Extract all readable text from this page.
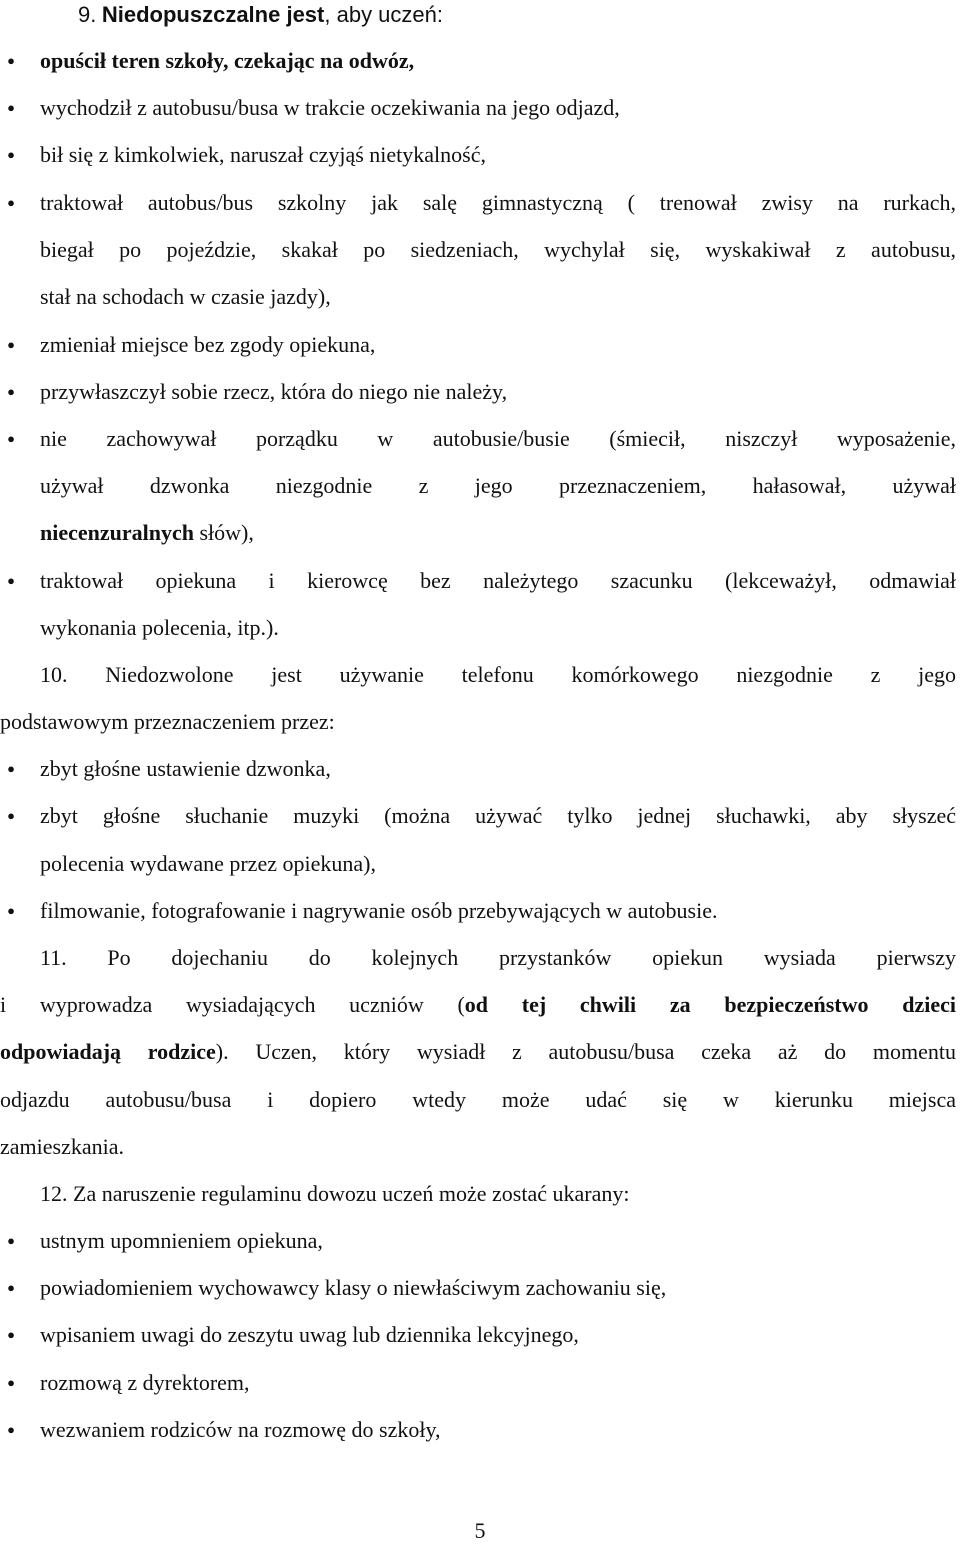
9. Niedopuszczalne jest, aby uczeń:
● opuścił teren szkoły, czekając na odwóz,
● wychodził z autobusu/busa w trakcie oczekiwania na jego odjazd,
● bił się z kimkolwiek, naruszał czyjąś nietykalność,
● traktował autobus/bus szkolny jak salę gimnastyczną ( trenował zwisy na rurkach,
biegał po pojeździe, skakał po siedzeniach, wychylał się, wyskakiwał z autobusu,
stał na schodach w czasie jazdy),
● zmieniał miejsce bez zgody opiekuna,
● przywłaszczył sobie rzecz, która do niego nie należy,
● nie zachowywał porządku w autobusie/busie (śmiecił, niszczył wyposażenie,
używał dzwonka niezgodnie z jego przeznaczeniem, hałasował, używał
niecenzuralnych słów),
● traktował opiekuna i kierowcę bez należytego szacunku (lekceważył, odmawiał
wykonania polecenia, itp.).
10. Niedozwolone jest używanie telefonu komórkowego niezgodnie z jego
podstawowym przeznaczeniem przez:
● zbyt głośne ustawienie dzwonka,
● zbyt głośne słuchanie muzyki (można używać tylko jednej słuchawki, aby słyszeć
polecenia wydawane przez opiekuna),
● filmowanie, fotografowanie i nagrywanie osób przebywających w autobusie.
11. Po dojechaniu do kolejnych przystanków opiekun wysiada pierwszy
i wyprowadza wysiadających uczniów (od tej chwili za bezpieczeństwo dzieci
odpowiadają rodzice). Uczen, który wysiadł z autobusu/busa czeka aż do momentu
odjazdu autobusu/busa i dopiero wtedy może udać się w kierunku miejsca
zamieszkania.
12. Za naruszenie regulaminu dowozu uczeń może zostać ukarany:
● ustnym upomnieniem opiekuna,
● powiadomieniem wychowawcy klasy o niewłaściwym zachowaniu się,
● wpisaniem uwagi do zeszytu uwag lub dziennika lekcyjnego,
● rozmową z dyrektorem,
● wezwaniem rodziców na rozmowę do szkoły,
5
